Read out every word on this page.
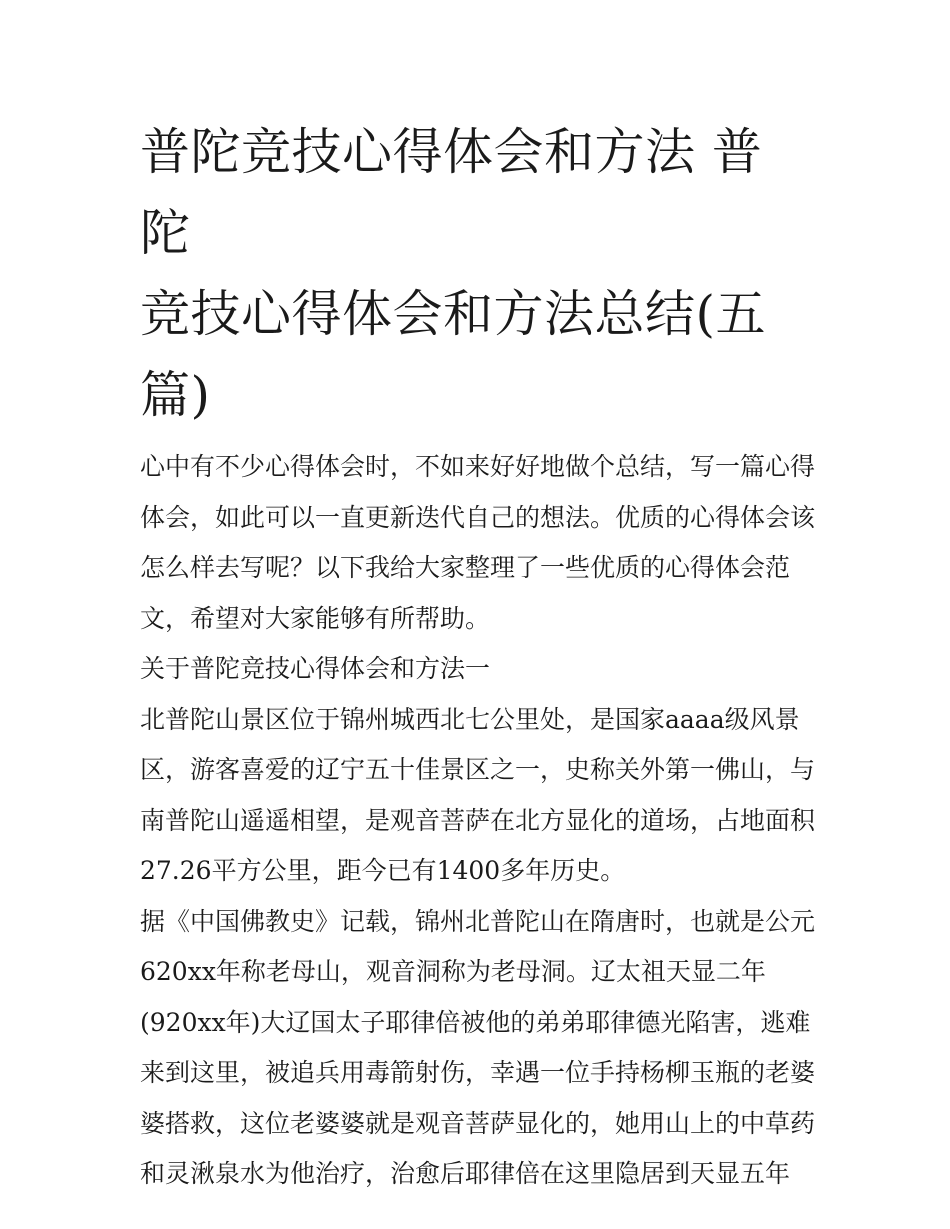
普陀竞技心得体会和方法 普陀
竞技心得体会和方法总结(五
篇)

心中有不少心得体会时，不如来好好地做个总结，写一篇心得
体会，如此可以一直更新迭代自己的想法。优质的心得体会该
怎么样去写呢？以下我给大家整理了一些优质的心得体会范
文，希望对大家能够有所帮助。

关于普陀竞技心得体会和方法一

北普陀山景区位于锦州城西北七公里处，是国家aaaa级风景
区，游客喜爱的辽宁五十佳景区之一，史称关外第一佛山，与
南普陀山遥遥相望，是观音菩萨在北方显化的道场，占地面积
27.26平方公里，距今已有1400多年历史。

据《中国佛教史》记载，锦州北普陀山在隋唐时，也就是公元
620xx年称老母山，观音洞称为老母洞。辽太祖天显二年
(920xx年)大辽国太子耶律倍被他的弟弟耶律德光陷害，逃难
来到这里，被追兵用毒箭射伤，幸遇一位手持杨柳玉瓶的老婆
婆搭救，这位老婆婆就是观音菩萨显化的，她用山上的中草药
和灵湫泉水为他治疗，治愈后耶律倍在这里隐居到天显五年
